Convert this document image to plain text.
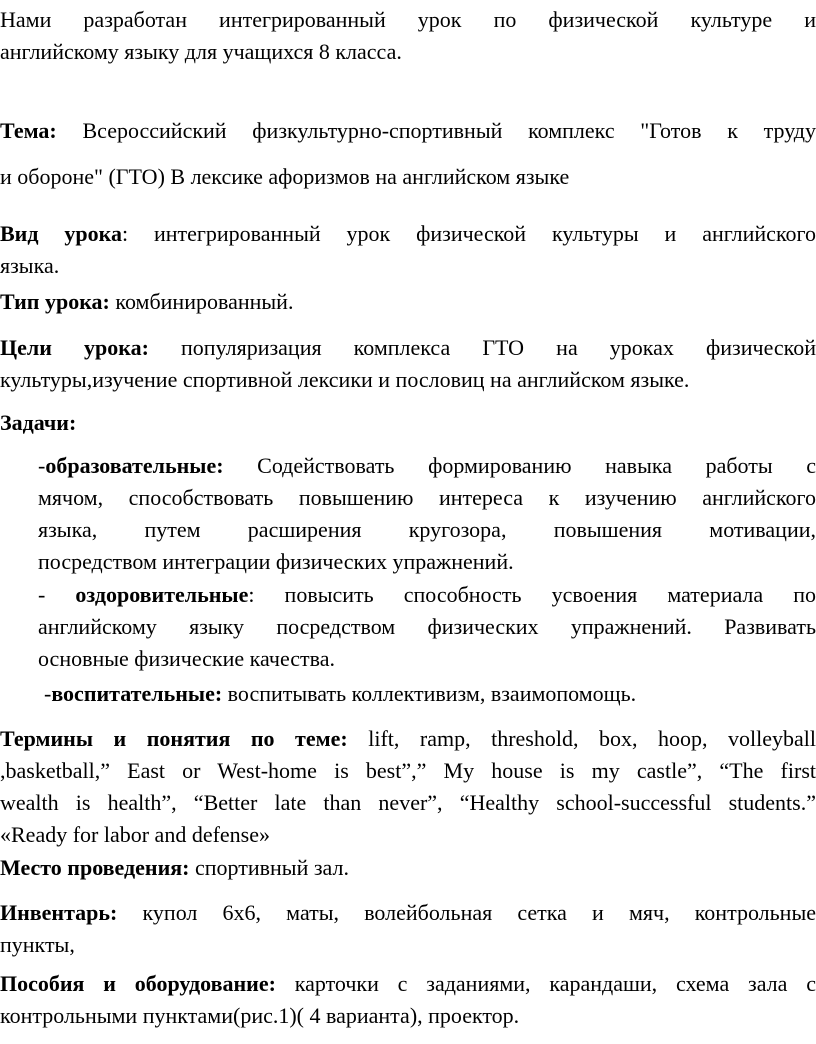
Нами разработан интегрированный урок по физической культуре и
английскому языку для учащихся 8 класса.
Тема: Всероссийский физкультурно-спортивный комплекс "Готов к труду
и обороне" (ГТО) В лексике афоризмов на английском языке
Вид урока: интегрированный урок физической культуры и английского
языка.
Тип урока: комбинированный.
Цели урока: популяризация комплекса ГТО на уроках физической
культуры,изучение спортивной лексики и пословиц на английском языке.
Задачи:
-образовательные: Содействовать формированию навыка работы с
мячом, способствовать повышению интереса к изучению английского
языка, путем расширения кругозора, повышения мотивации,
посредством интеграции физических упражнений.
- оздоровительные: повысить способность усвоения материала по
английскому языку посредством физических упражнений. Развивать
основные физические качества.
-воспитательные: воспитывать коллективизм, взаимопомощь.
Термины и понятия по теме: lift, ramp, threshold, box, hoop, volleyball
,basketball,” East or West-home is best”,” My house is my castle”, “The first
wealth is health”, “Better late than never”, “Healthy school-successful students.”
«Ready for labor and defense»
Место проведения: спортивный зал.
Инвентарь: купол 6х6, маты, волейбольная сетка и мяч, контрольные
пункты,
Пособия и оборудование: карточки с заданиями, карандаши, схема зала с
контрольными пунктами(рис.1)( 4 варианта), проектор.
